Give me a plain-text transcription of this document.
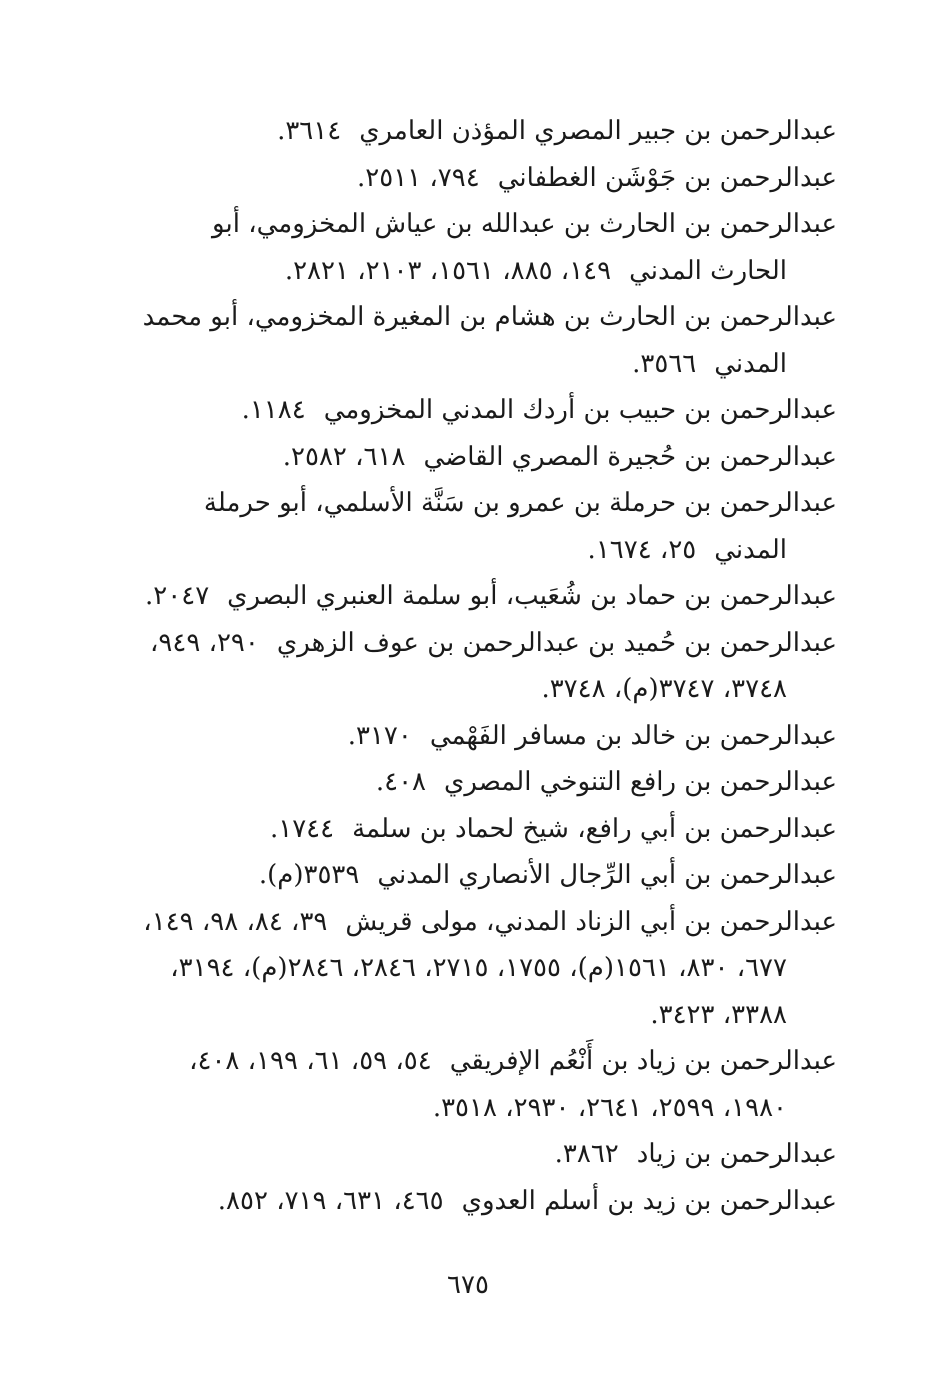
عبدالرحمن بن جبير المصري المؤذن العامري٣٦١٤.

عبدالرحمن بن جَوْشَن الغطفاني٧٩٤، ٢٥١١.

عبدالرحمن بن الحارث بن عبدالله بن عياش المخزومي، أبو الحارث المدني١٤٩، ٨٨٥، ١٥٦١، ٢١٠٣، ٢٨٢١.

عبدالرحمن بن الحارث بن هشام بن المغيرة المخزومي، أبو محمد المدني٣٥٦٦.

عبدالرحمن بن حبيب بن أردك المدني المخزومي١١٨٤.

عبدالرحمن بن حُجيرة المصري القاضي٦١٨، ٢٥٨٢.

عبدالرحمن بن حرملة بن عمرو بن سَنَّة الأسلمي، أبو حرملة المدني٢٥، ١٦٧٤.

عبدالرحمن بن حماد بن شُعَيب، أبو سلمة العنبري البصري٢٠٤٧.

عبدالرحمن بن حُميد بن عبدالرحمن بن عوف الزهري٢٩٠، ٩٤٩، ٣٧٤٨، ٣٧٤٧(م)، ٣٧٤٨.

عبدالرحمن بن خالد بن مسافر الفَهْمي٣١٧٠.

عبدالرحمن بن رافع التنوخي المصري٤٠٨.

عبدالرحمن بن أبي رافع، شيخ لحماد بن سلمة١٧٤٤.

عبدالرحمن بن أبي الرِّجال الأنصاري المدني٣٥٣٩(م).

عبدالرحمن بن أبي الزناد المدني، مولى قريش٣٩، ٨٤، ٩٨، ١٤٩، ٦٧٧، ٨٣٠، ١٥٦١(م)، ١٧٥٥، ٢٧١٥، ٢٨٤٦، ٢٨٤٦(م)، ٣١٩٤، ٣٣٨٨، ٣٤٢٣.

عبدالرحمن بن زياد بن أَنْعُم الإفريقي٥٤، ٥٩، ٦١، ١٩٩، ٤٠٨، ١٩٨٠، ٢٥٩٩، ٢٦٤١، ٢٩٣٠، ٣٥١٨.

عبدالرحمن بن زياد٣٨٦٢.

عبدالرحمن بن زيد بن أسلم العدوي٤٦٥، ٦٣١، ٧١٩، ٨٥٢.

٦٧٥
